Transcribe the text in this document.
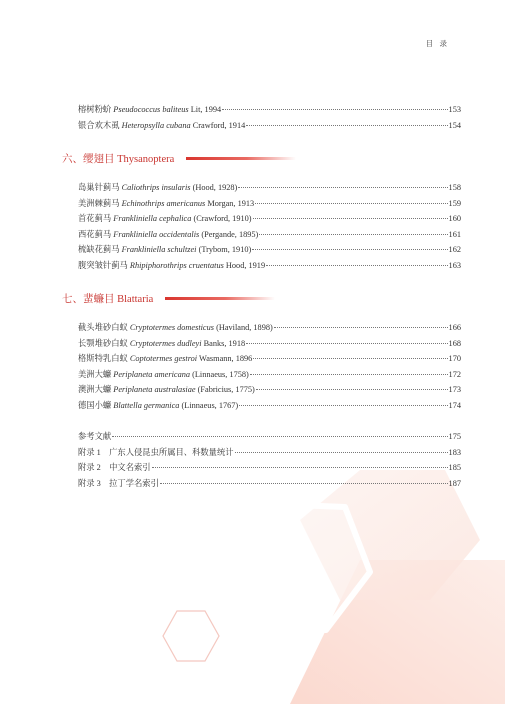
目 录
榕树粉蚧 Pseudococcus baliteus Lit, 1994	153
银合欢木虱 Heteropsylla cubana Crawford, 1914	154
六、缨翅目 Thysanoptera
岛巢针蓟马 Caliothrips insularis (Hood, 1928)	158
美洲棘蓟马 Echinothrips americanus Morgan, 1913	159
首花蓟马 Frankliniella cephalica (Crawford, 1910)	160
西花蓟马 Frankliniella occidentalis (Pergande, 1895)	161
梳缺花蓟马 Frankliniella schultzei (Trybom, 1910)	162
腹突皱针蓟马 Rhipiphorothrips cruentatus Hood, 1919	163
七、蜚蠊目 Blattaria
截头堆砂白蚁 Cryptotermes domesticus (Haviland, 1898)	166
长颚堆砂白蚁 Cryptotermes dudleyi Banks, 1918	168
格斯特乳白蚁 Coptotermes gestroi Wasmann, 1896	170
美洲大蠊 Periplaneta americana (Linnaeus, 1758)	172
澳洲大蠊 Periplaneta australasiae (Fabricius, 1775)	173
德国小蠊 Blattella germanica (Linnaeus, 1767)	174
参考文献	175
附录 1　广东人侵昆虫所属目、科数量统计	183
附录 2　中文名索引	185
附录 3　拉丁学名索引	187
